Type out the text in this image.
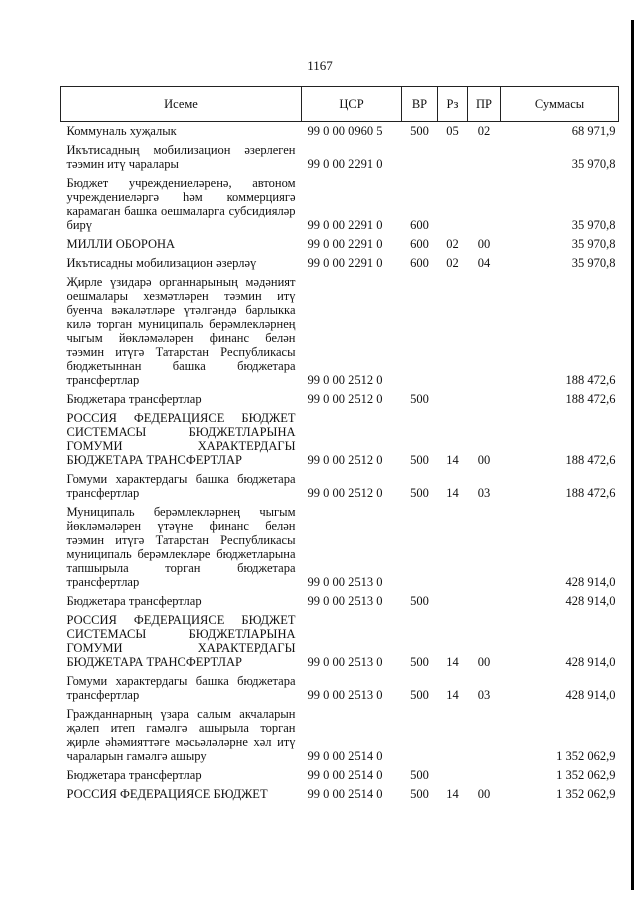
1167
Исеме	ЦСР	ВР	Рз	ПР	Суммасы
Коммуналь хуҗалык	99 0 00 0960 5	500	05	02	68 971,9
Икътисадның мобилизацион әзерлеген тәэмин итү чаралары	99 0 00 2291 0				35 970,8
Бюджет учреждениеләренә, автоном учреждениеләргә һәм коммерциягә карамаган башка оешмаларга субсидияләр бирү	99 0 00 2291 0	600			35 970,8
МИЛЛИ ОБОРОНА	99 0 00 2291 0	600	02	00	35 970,8
Икътисадны мобилизацион әзерләү	99 0 00 2291 0	600	02	04	35 970,8
Җирле үзидарә органнарының мәдәният оешмалары хезмәтләрен тәэмин итү буенча вәкаләтләре үтәлгәндә барлыкка килә торган муниципаль берәмлекләрнең чыгым йөкләмәләрен финанс белән тәэмин итүгә Татарстан Республикасы бюджетыннан башка бюджетара трансфертлар	99 0 00 2512 0				188 472,6
Бюджетара трансфертлар	99 0 00 2512 0	500			188 472,6
РОССИЯ ФЕДЕРАЦИЯСЕ БЮДЖЕТ СИСТЕМАСЫ БЮДЖЕТЛАРЫНА ГОМУМИ ХАРАКТЕРДАГЫ БЮДЖЕТАРА ТРАНСФЕРТЛАР	99 0 00 2512 0	500	14	00	188 472,6
Гомуми характердагы башка бюджетара трансфертлар	99 0 00 2512 0	500	14	03	188 472,6
Муниципаль берәмлекләрнең чыгым йөкләмәләрен үтәүне финанс белән тәэмин итүгә Татарстан Республикасы муниципаль берәмлекләре бюджетларына тапшырыла торган бюджетара трансфертлар	99 0 00 2513 0				428 914,0
Бюджетара трансфертлар	99 0 00 2513 0	500			428 914,0
РОССИЯ ФЕДЕРАЦИЯСЕ БЮДЖЕТ СИСТЕМАСЫ БЮДЖЕТЛАРЫНА ГОМУМИ ХАРАКТЕРДАГЫ БЮДЖЕТАРА ТРАНСФЕРТЛАР	99 0 00 2513 0	500	14	00	428 914,0
Гомуми характердагы башка бюджетара трансфертлар	99 0 00 2513 0	500	14	03	428 914,0
Гражданнарның үзара салым акчаларын җәлеп итеп гамәлгә ашырыла торган җирле әһәмияттәге мәсьәләләрне хәл итү чараларын гамәлгә ашыру	99 0 00 2514 0				1 352 062,9
Бюджетара трансфертлар	99 0 00 2514 0	500			1 352 062,9
РОССИЯ ФЕДЕРАЦИЯСЕ БЮДЖЕТ	99 0 00 2514 0	500	14	00	1 352 062,9
